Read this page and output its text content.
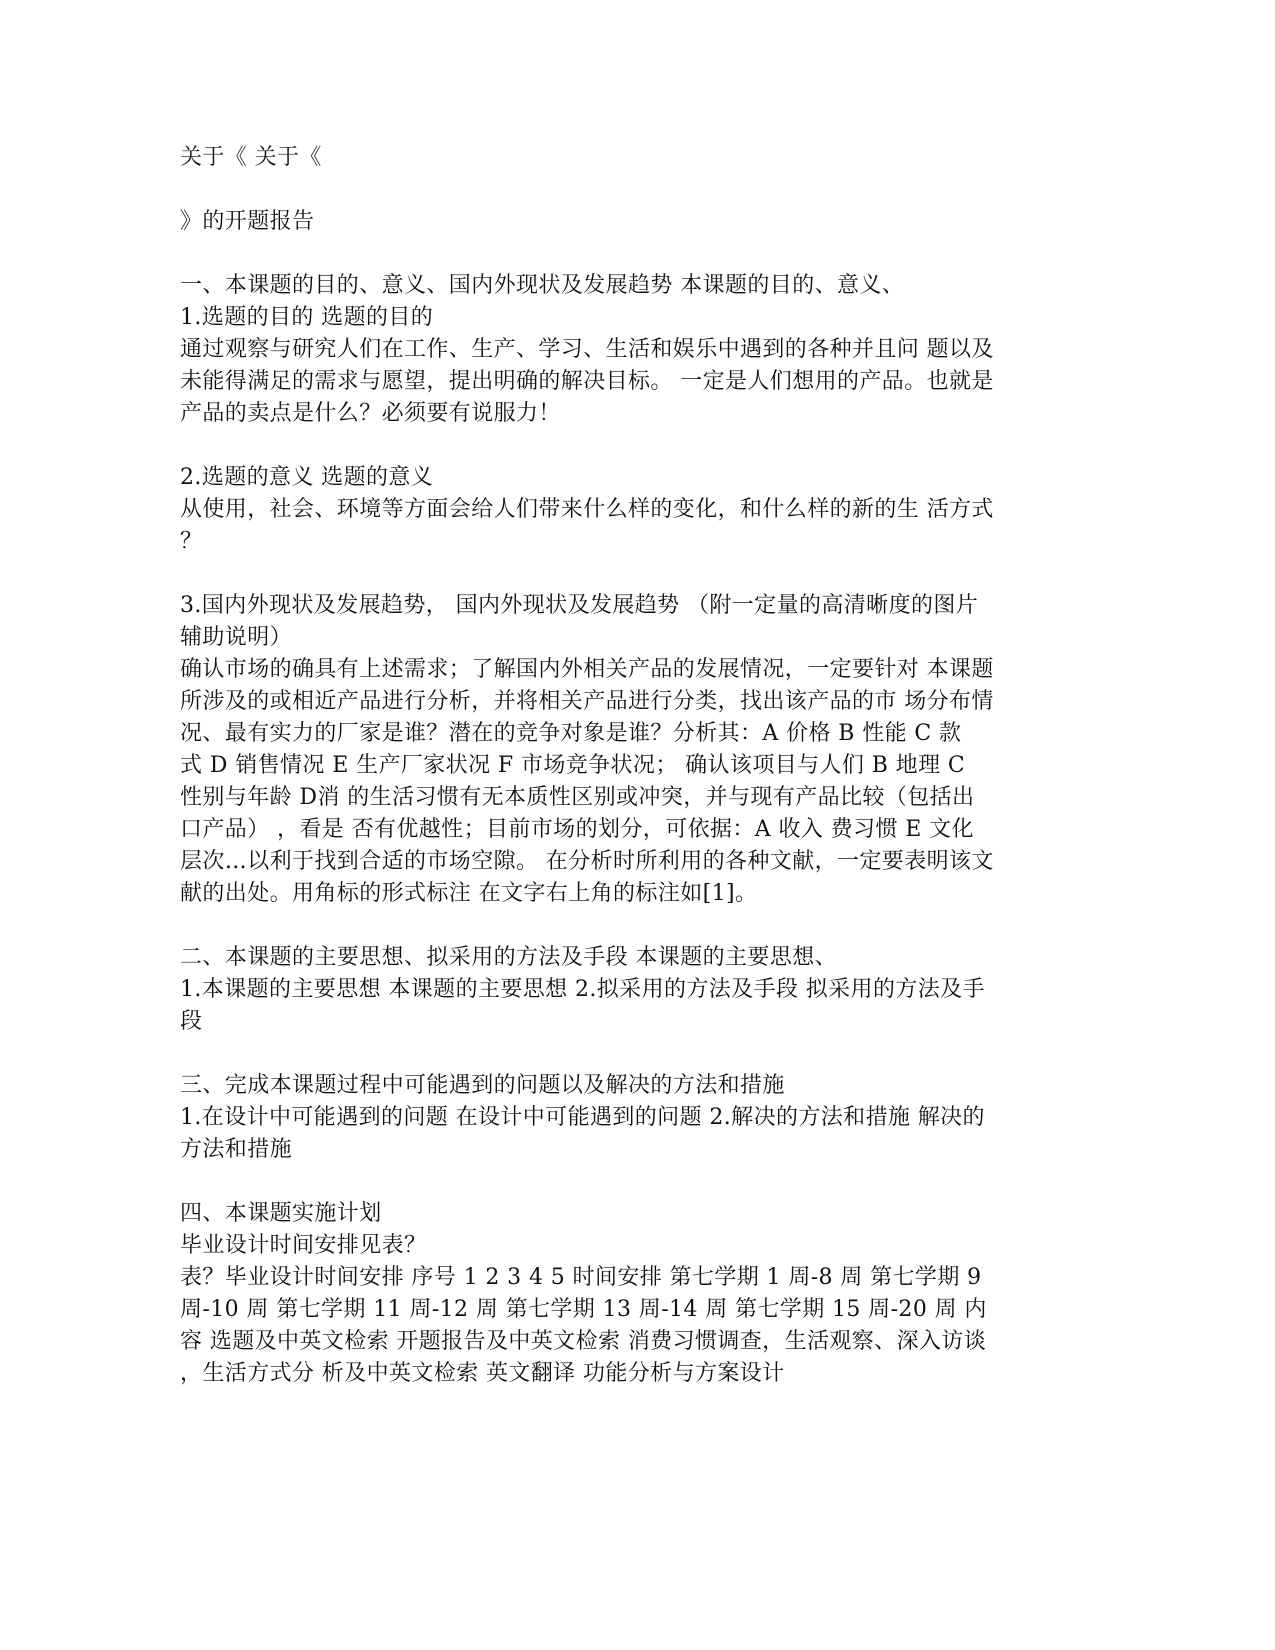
关于《 关于《
》的开题报告
一、本课题的目的、意义、国内外现状及发展趋势 本课题的目的、意义、
1.选题的目的 选题的目的
通过观察与研究人们在工作、生产、学习、生活和娱乐中遇到的各种并且问 题以及
未能得满足的需求与愿望，提出明确的解决目标。 一定是人们想用的产品。也就是
产品的卖点是什么？必须要有说服力！
2.选题的意义 选题的意义
从使用，社会、环境等方面会给人们带来什么样的变化，和什么样的新的生 活方式
？
3.国内外现状及发展趋势， 国内外现状及发展趋势 （附一定量的高清晰度的图片
辅助说明）
确认市场的确具有上述需求；了解国内外相关产品的发展情况，一定要针对 本课题
所涉及的或相近产品进行分析，并将相关产品进行分类，找出该产品的市 场分布情
况、最有实力的厂家是谁？潜在的竞争对象是谁？分析其：A 价格 B 性能 C 款
式 D 销售情况 E 生产厂家状况 F 市场竞争状况； 确认该项目与人们 B 地理 C
性别与年龄 D消 的生活习惯有无本质性区别或冲突，并与现有产品比较（包括出
口产品） ，看是 否有优越性；目前市场的划分，可依据：A 收入 费习惯 E 文化
层次…以利于找到合适的市场空隙。 在分析时所利用的各种文献，一定要表明该文
献的出处。用角标的形式标注 在文字右上角的标注如[1]。
二、本课题的主要思想、拟采用的方法及手段 本课题的主要思想、
1.本课题的主要思想 本课题的主要思想 2.拟采用的方法及手段 拟采用的方法及手
段
三、完成本课题过程中可能遇到的问题以及解决的方法和措施
1.在设计中可能遇到的问题 在设计中可能遇到的问题 2.解决的方法和措施 解决的
方法和措施
四、本课题实施计划
毕业设计时间安排见表？
表？毕业设计时间安排 序号 1 2 3 4 5 时间安排 第七学期 1 周-8 周 第七学期 9
周-10 周 第七学期 11 周-12 周 第七学期 13 周-14 周 第七学期 15 周-20 周 内
容 选题及中英文检索 开题报告及中英文检索 消费习惯调查，生活观察、深入访谈
，生活方式分 析及中英文检索 英文翻译 功能分析与方案设计
